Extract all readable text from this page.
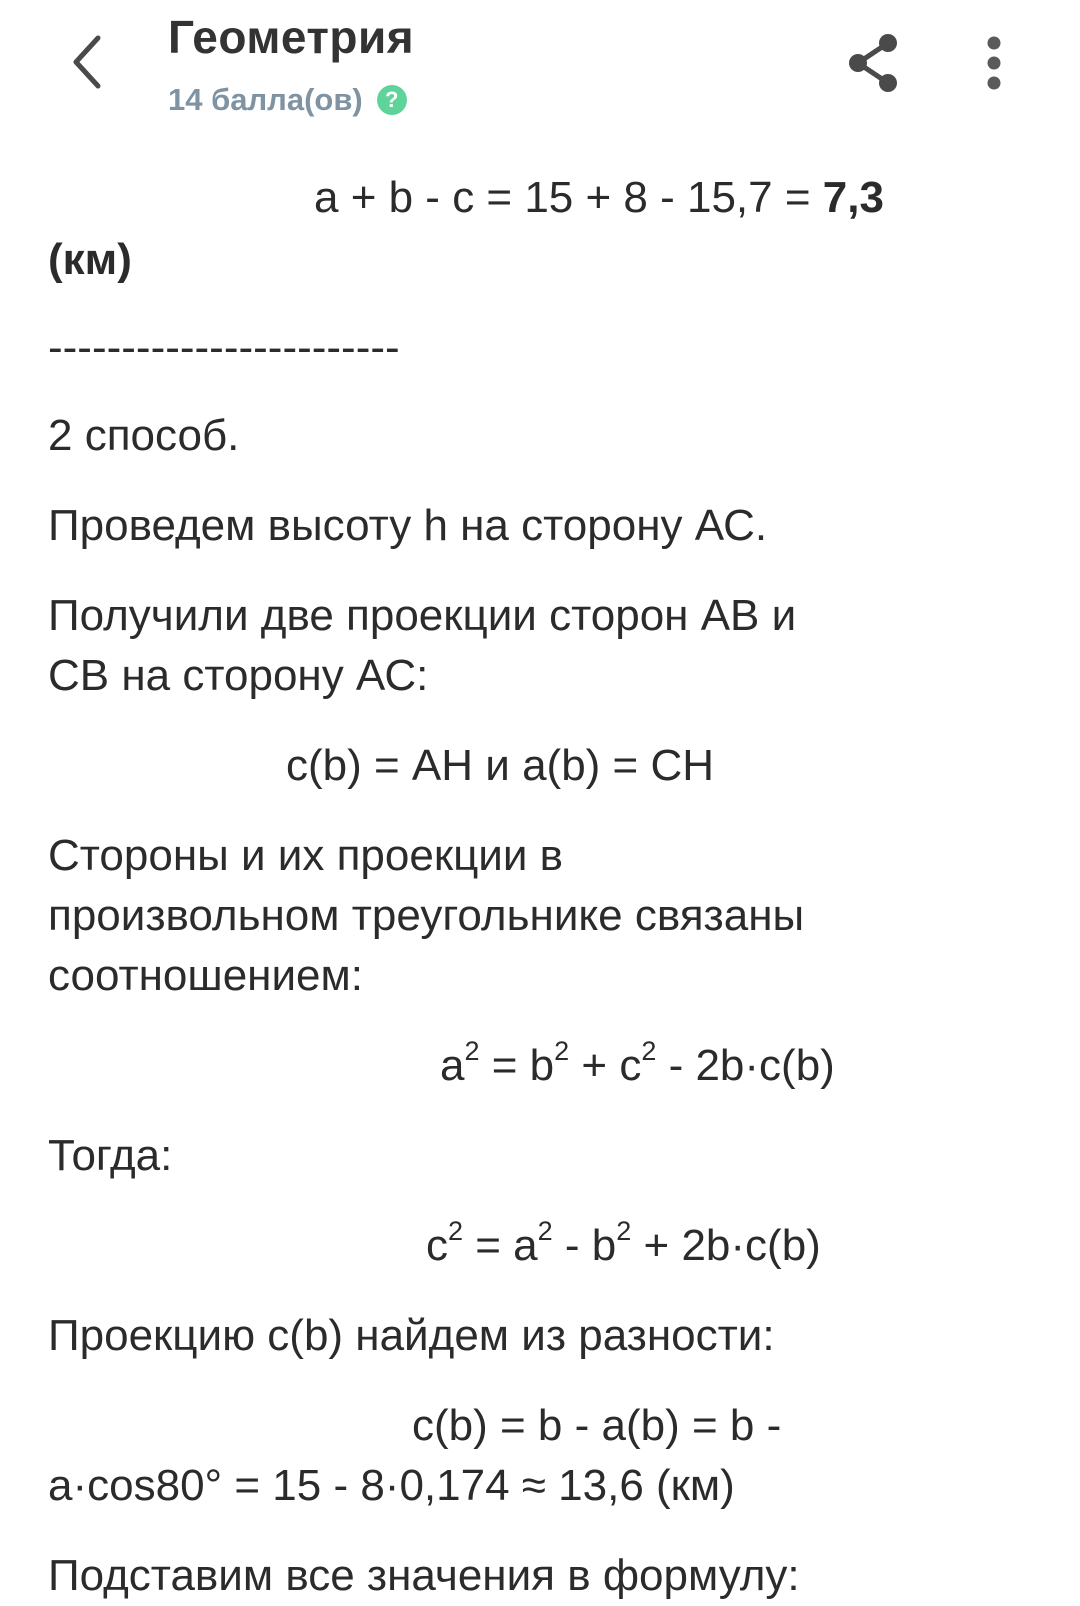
Геометрия
14 балла(ов)	?
a + b - c = 15 + 8 - 15,7 = 7,3
(км)
------------------------
2 способ.
Проведем высоту h на сторону АС.
Получили две проекции сторон АВ и
СВ на сторону АС:
c(b) = АН и a(b) = СН
Стороны и их проекции в
произвольном треугольнике связаны
соотношением:
$a^2 = b^2 + c^2 - 2b\cdot c(b)$
Тогда:
$c^2 = a^2 - b^2 + 2b\cdot c(b)$
Проекцию c(b) найдем из разности:
c(b) = b - a(b) = b -
a·cos80° = 15 - 8·0,174 ≈ 13,6 (км)
Подставим все значения в формулу:
